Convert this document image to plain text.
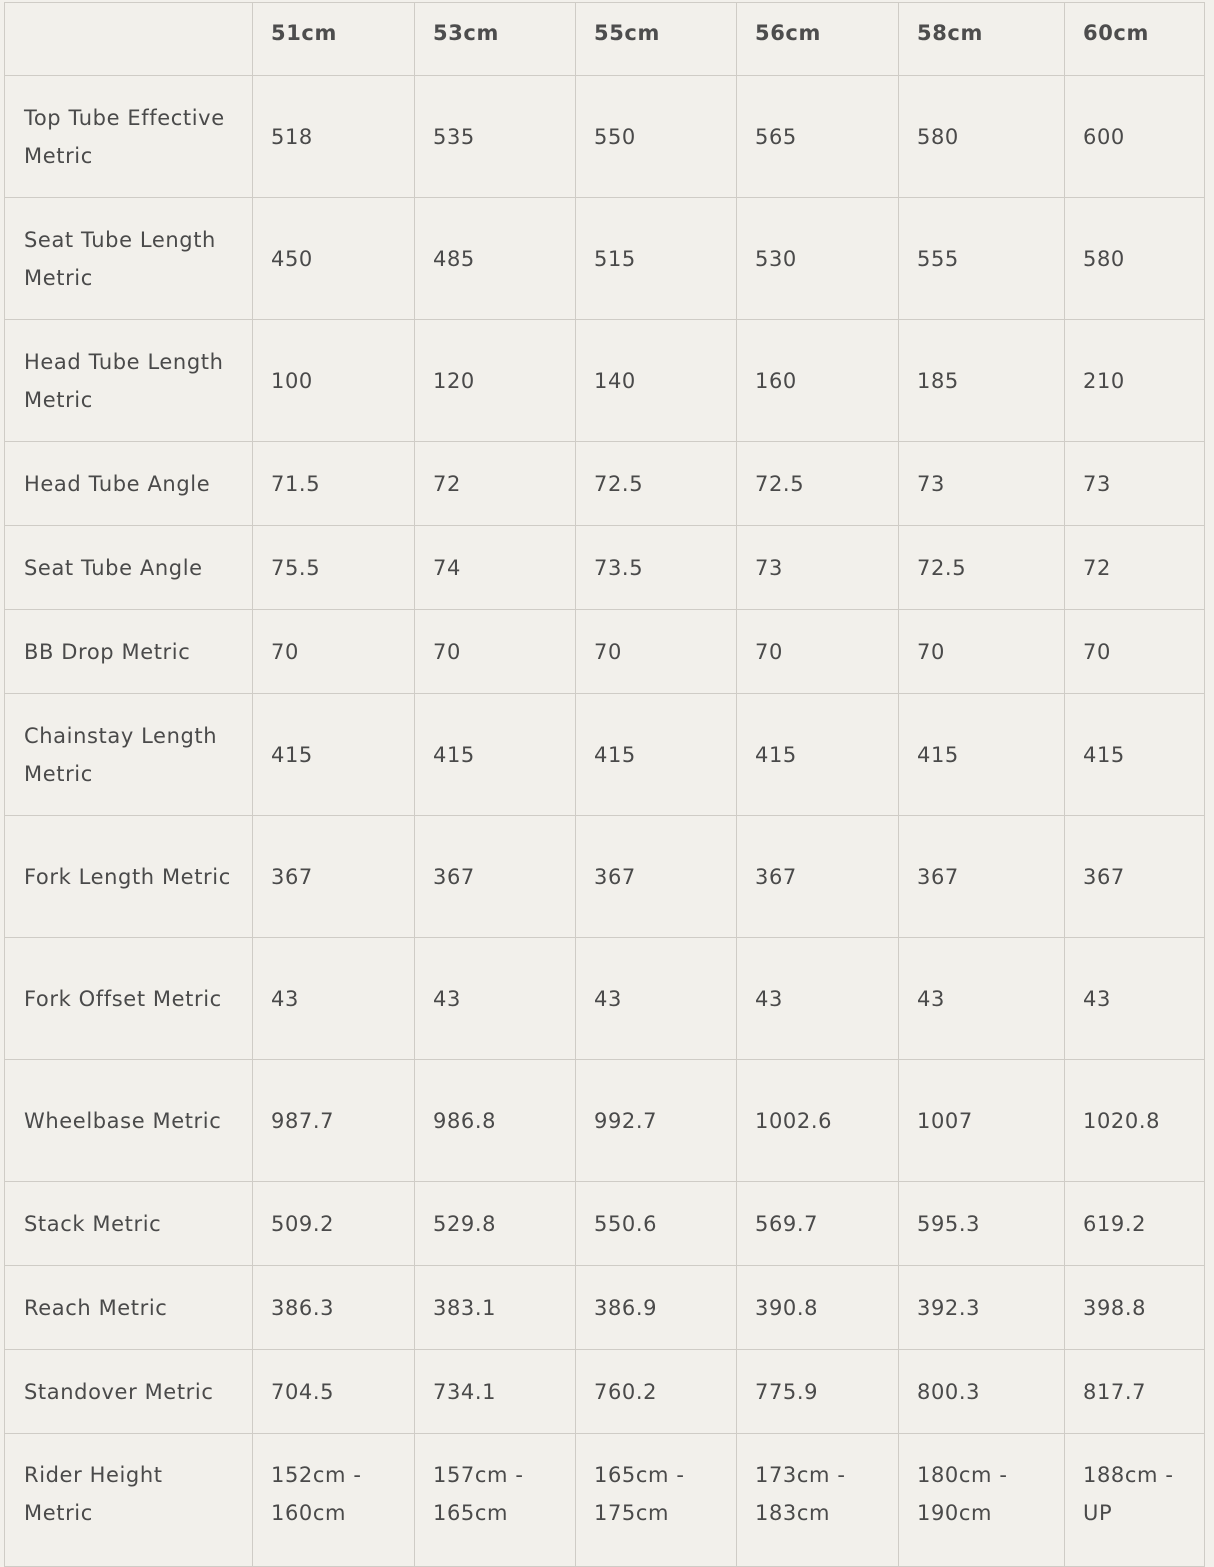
	51cm	53cm	55cm	56cm	58cm	60cm
Top Tube Effective Metric	518	535	550	565	580	600
Seat Tube Length Metric	450	485	515	530	555	580
Head Tube Length Metric	100	120	140	160	185	210
Head Tube Angle	71.5	72	72.5	72.5	73	73
Seat Tube Angle	75.5	74	73.5	73	72.5	72
BB Drop Metric	70	70	70	70	70	70
Chainstay Length Metric	415	415	415	415	415	415
Fork Length Metric	367	367	367	367	367	367
Fork Offset Metric	43	43	43	43	43	43
Wheelbase Metric	987.7	986.8	992.7	1002.6	1007	1020.8
Stack Metric	509.2	529.8	550.6	569.7	595.3	619.2
Reach Metric	386.3	383.1	386.9	390.8	392.3	398.8
Standover Metric	704.5	734.1	760.2	775.9	800.3	817.7
Rider Height Metric	152cm - 160cm	157cm - 165cm	165cm - 175cm	173cm - 183cm	180cm - 190cm	188cm - UP
